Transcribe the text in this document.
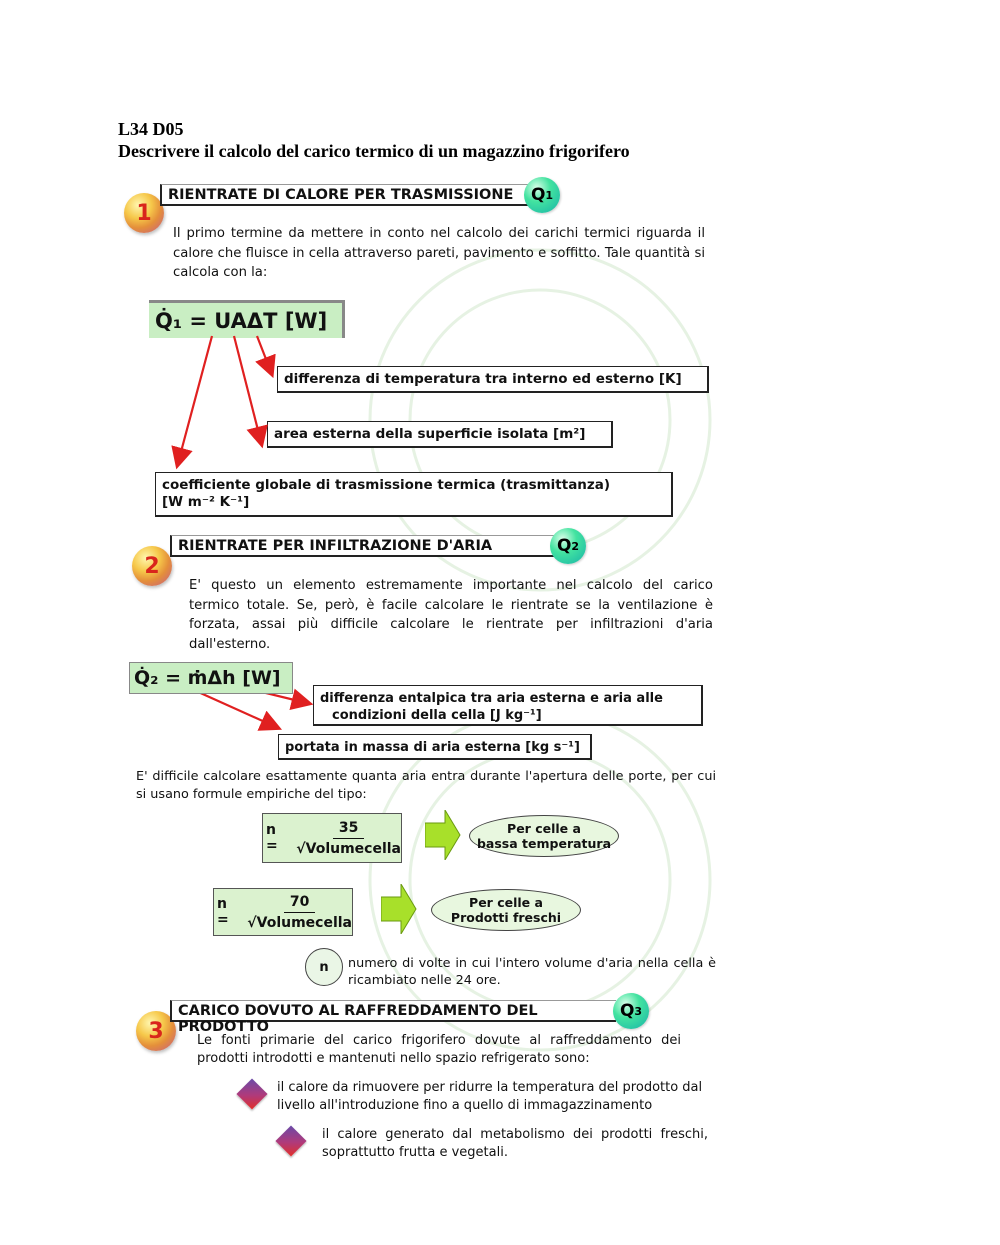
L34 D05
Descrivere il calcolo del carico termico di un magazzino frigorifero
1
RIENTRATE DI CALORE PER TRASMISSIONE	Q 1
Il primo termine da mettere in conto nel calcolo dei carichi termici riguarda il calore che fluisce in cella attraverso pareti, pavimento e soffitto. Tale quantità si calcola con la:
Q̇₁ = UAΔT [W]
differenza di temperatura tra interno ed esterno [K]
area esterna della superficie isolata [m²]
coefficiente globale di trasmissione termica (trasmittanza)
[W m⁻² K⁻¹]
2
RIENTRATE PER INFILTRAZIONE D'ARIA	Q 2
E' questo un elemento estremamente importante nel calcolo del carico termico totale. Se, però, è facile calcolare le rientrate se la ventilazione è forzata, assai più difficile calcolare le rientrate per infiltrazioni d'aria dall'esterno.
Q̇₂ = ṁΔh [W]
differenza entalpica tra aria esterna e aria alle
condizioni della cella [J kg⁻¹]
portata in massa di aria esterna [kg s⁻¹]
E' difficile calcolare esattamente quanta aria entra durante l'apertura delle porte, per cui si usano formule empiriche del tipo:
n =	$\frac{35}{\text{√Volumecella}}$	Per celle a
bassa temperatura
n =	$\frac{70}{\text{√Volumecella}}$	Per celle a
Prodotti freschi
n numero di volte in cui l'intero volume d'aria nella cella è ricambiato nelle 24 ore.
3
CARICO DOVUTO AL RAFFREDDAMENTO DEL PRODOTTO
Q 3
Le fonti primarie del carico frigorifero dovute al raffreddamento dei prodotti introdotti e mantenuti nello spazio refrigerato sono:
il calore da rimuovere per ridurre la temperatura del prodotto dal livello all'introduzione fino a quello di immagazzinamento
il calore generato dal metabolismo dei prodotti freschi, soprattutto frutta e vegetali.
